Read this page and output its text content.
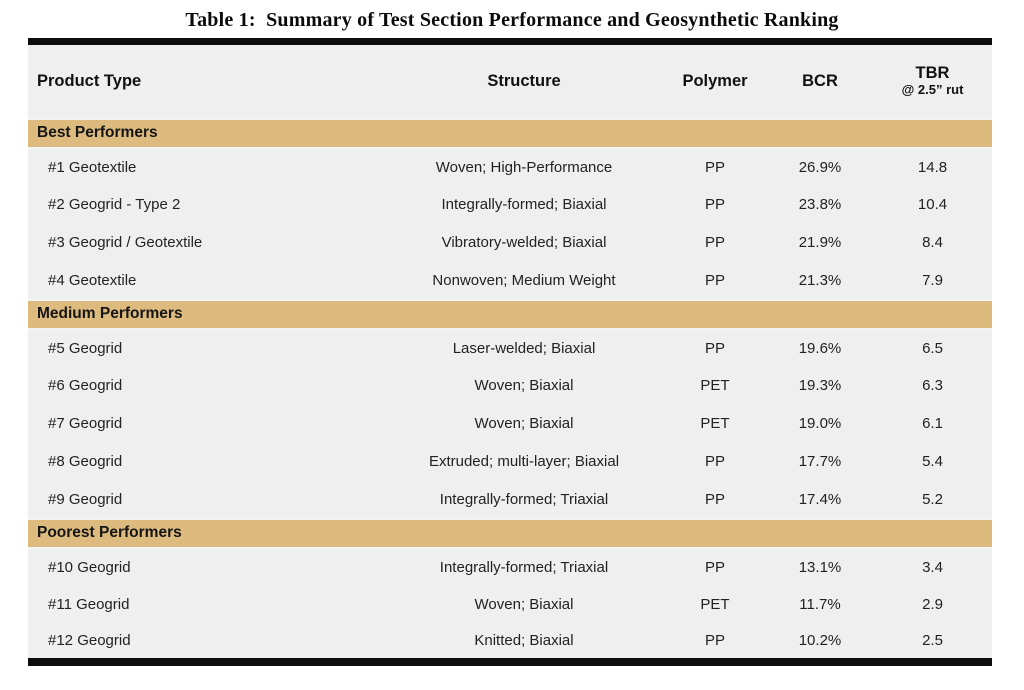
Table 1:  Summary of Test Section Performance and Geosynthetic Ranking
Product Type	Structure	Polymer	BCR	TBR
@ 2.5” rut

Best Performers				
#1 Geotextile	Woven; High-Performance	PP	26.9%	14.8
#2 Geogrid - Type 2	Integrally-formed; Biaxial	PP	23.8%	10.4
#3 Geogrid / Geotextile	Vibratory-welded; Biaxial	PP	21.9%	8.4
#4 Geotextile	Nonwoven; Medium Weight	PP	21.3%	7.9
Medium Performers				
#5 Geogrid	Laser-welded; Biaxial	PP	19.6%	6.5
#6 Geogrid	Woven; Biaxial	PET	19.3%	6.3
#7 Geogrid	Woven; Biaxial	PET	19.0%	6.1
#8 Geogrid	Extruded; multi-layer; Biaxial	PP	17.7%	5.4
#9 Geogrid	Integrally-formed; Triaxial	PP	17.4%	5.2
Poorest Performers				
#10 Geogrid	Integrally-formed; Triaxial	PP	13.1%	3.4
#11 Geogrid	Woven; Biaxial	PET	11.7%	2.9
#12 Geogrid	Knitted; Biaxial	PP	10.2%	2.5
